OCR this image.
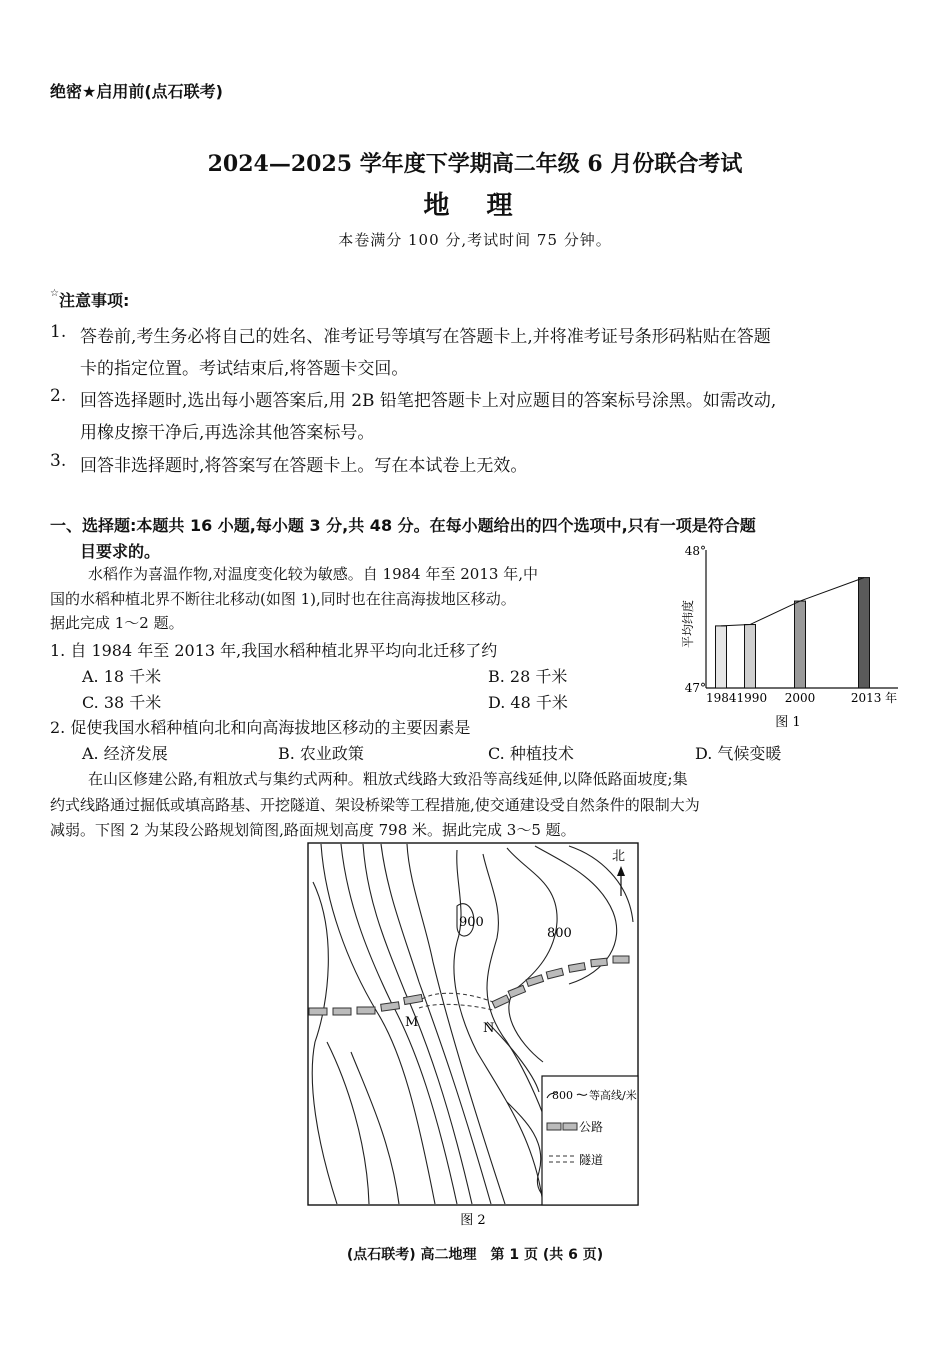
绝密★启用前(点石联考)
2024—2025 学年度下学期高二年级 6 月份联合考试
地 理
本卷满分 100 分,考试时间 75 分钟。
☆注意事项:
1. 答卷前,考生务必将自己的姓名、准考证号等填写在答题卡上,并将准考证号条形码粘贴在答题
卡的指定位置。考试结束后,将答题卡交回。
2. 回答选择题时,选出每小题答案后,用 2B 铅笔把答题卡上对应题目的答案标号涂黑。如需改动,
用橡皮擦干净后,再选涂其他答案标号。
3. 回答非选择题时,将答案写在答题卡上。写在本试卷上无效。
一、选择题:本题共 16 小题,每小题 3 分,共 48 分。在每小题给出的四个选项中,只有一项是符合题
目要求的。
水稻作为喜温作物,对温度变化较为敏感。自 1984 年至 2013 年,中
国的水稻种植北界不断往北移动(如图 1),同时也在往高海拔地区移动。
据此完成 1～2 题。
1. 自 1984 年至 2013 年,我国水稻种植北界平均向北迁移了约
A. 18 千米	B. 28 千米
C. 38 千米	D. 48 千米
2. 促使我国水稻种植向北和向高海拔地区移动的主要因素是
A. 经济发展	B. 农业政策	C. 种植技术	D. 气候变暖
在山区修建公路,有粗放式与集约式两种。粗放式线路大致沿等高线延伸,以降低路面坡度;集
约式线路通过掘低或填高路基、开挖隧道、架设桥梁等工程措施,使交通建设受自然条件的限制大为
减弱。下图 2 为某段公路规划简图,路面规划高度 798 米。据此完成 3～5 题。
48°
47°
平均纬度
19841990 2000	2013 年
图 1
M	N
900
800
北
800 等高线/米
公路
隧道
图 2
(点石联考) 高二地理　第 1 页 (共 6 页)
